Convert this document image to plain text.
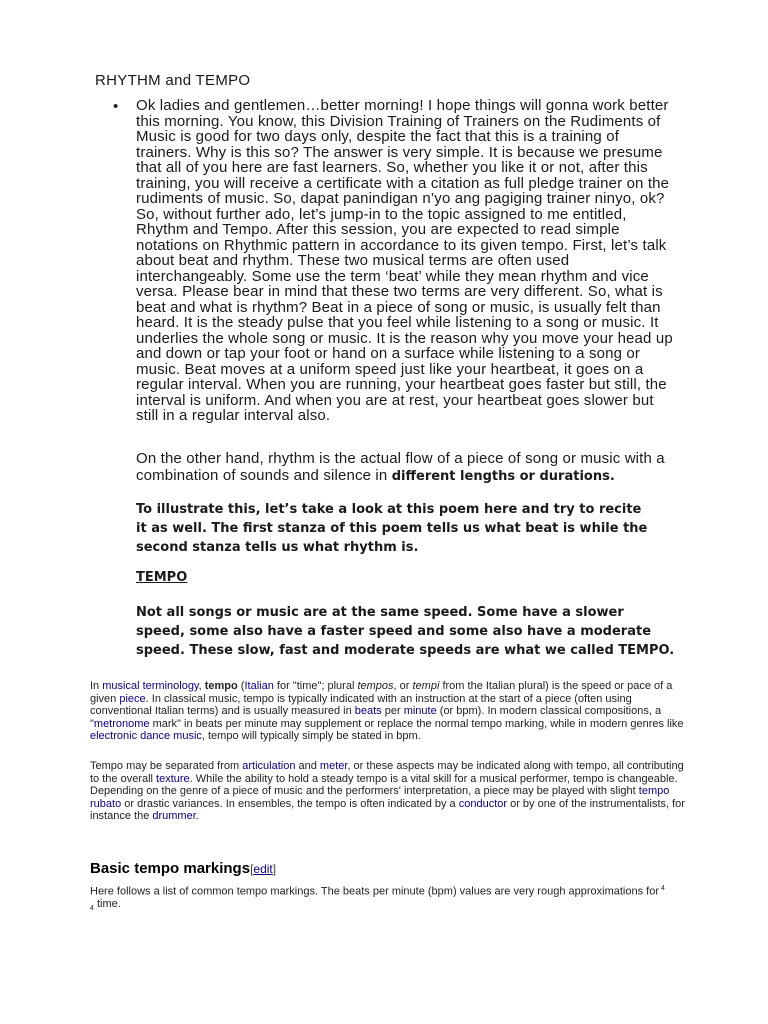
RHYTHM and TEMPO
• Ok ladies and gentlemen…better morning! I hope things will gonna work better this morning. You know, this Division Training of Trainers on the Rudiments of Music is good for two days only, despite the fact that this is a training of trainers. Why is this so? The answer is very simple. It is because we presume that all of you here are fast learners. So, whether you like it or not, after this training, you will receive a certificate with a citation as full pledge trainer on the rudiments of music. So, dapat panindigan n’yo ang pagiging trainer ninyo, ok? So, without further ado, let’s jump-in to the topic assigned to me entitled, Rhythm and Tempo. After this session, you are expected to read simple notations on Rhythmic pattern in accordance to its given tempo. First, let’s talk about beat and rhythm. These two musical terms are often used interchangeably. Some use the term ‘beat’ while they mean rhythm and vice versa. Please bear in mind that these two terms are very different. So, what is beat and what is rhythm? Beat in a piece of song or music, is usually felt than heard. It is the steady pulse that you feel while listening to a song or music. It underlies the whole song or music. It is the reason why you move your head up and down or tap your foot or hand on a surface while listening to a song or music. Beat moves at a uniform speed just like your heartbeat, it goes on a regular interval. When you are running, your heartbeat goes faster but still, the interval is uniform. And when you are at rest, your heartbeat goes slower but still in a regular interval also.

On the other hand, rhythm is the actual flow of a piece of song or music with a combination of sounds and silence in different lengths or durations.

To illustrate this, let’s take a look at this poem here and try to recite it as well. The first stanza of this poem tells us what beat is while the second stanza tells us what rhythm is.

TEMPO

Not all songs or music are at the same speed. Some have a slower speed, some also have a faster speed and some also have a moderate speed. These slow, fast and moderate speeds are what we called TEMPO.

In musical terminology, tempo (Italian for "time"; plural tempos, or tempi from the Italian plural) is the speed or pace of a given piece. In classical music, tempo is typically indicated with an instruction at the start of a piece (often using conventional Italian terms) and is usually measured in beats per minute (or bpm). In modern classical compositions, a "metronome mark" in beats per minute may supplement or replace the normal tempo marking, while in modern genres like electronic dance music, tempo will typically simply be stated in bpm.

Tempo may be separated from articulation and meter, or these aspects may be indicated along with tempo, all contributing to the overall texture. While the ability to hold a steady tempo is a vital skill for a musical performer, tempo is changeable. Depending on the genre of a piece of music and the performers' interpretation, a piece may be played with slight tempo rubato or drastic variances. In ensembles, the tempo is often indicated by a conductor or by one of the instrumentalists, for instance the drummer.

Basic tempo markings[edit]

Here follows a list of common tempo markings. The beats per minute (bpm) values are very rough approximations for $^4$
$_4$ time.
